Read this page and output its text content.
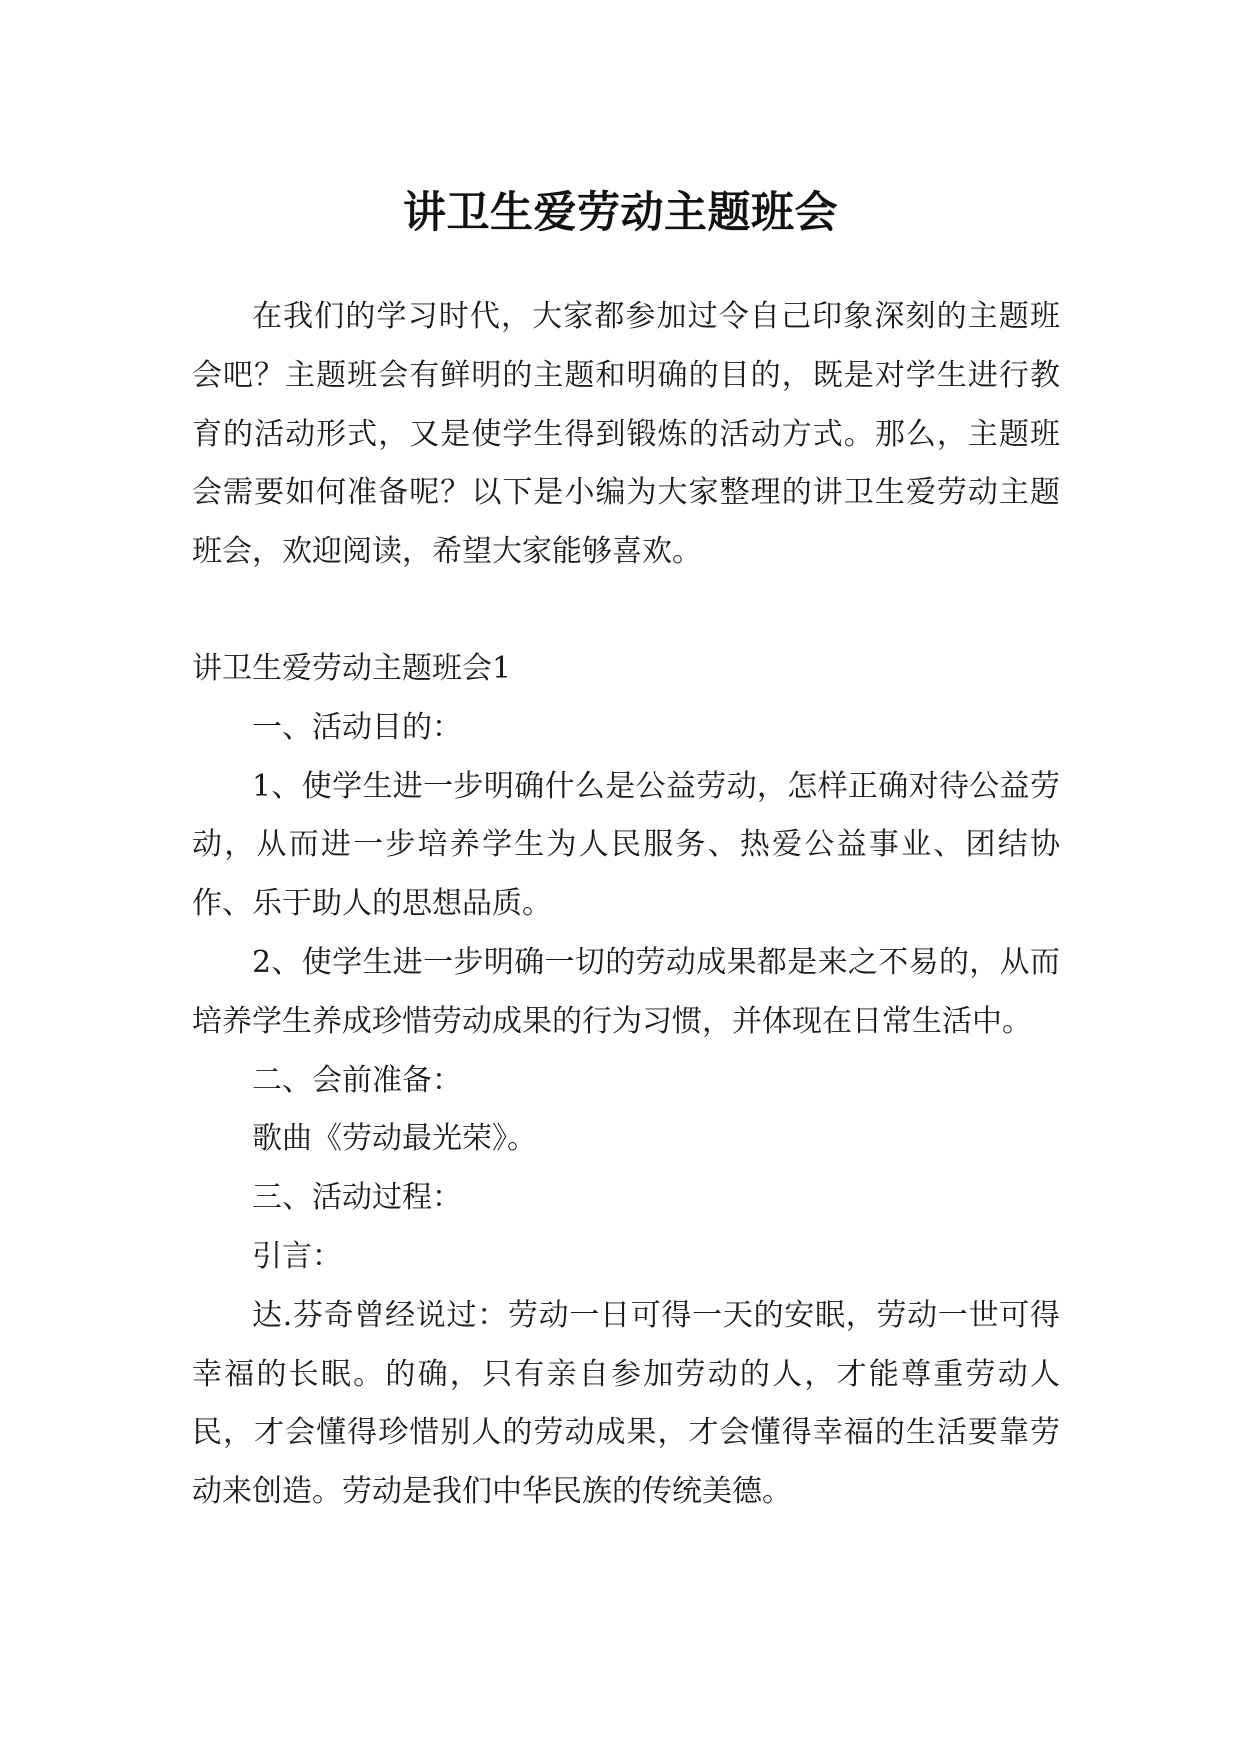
讲卫生爱劳动主题班会

在我们的学习时代，大家都参加过令自己印象深刻的主题班会吧？主题班会有鲜明的主题和明确的目的，既是对学生进行教育的活动形式，又是使学生得到锻炼的活动方式。那么，主题班会需要如何准备呢？以下是小编为大家整理的讲卫生爱劳动主题班会，欢迎阅读，希望大家能够喜欢。

讲卫生爱劳动主题班会1

一、活动目的：

1、使学生进一步明确什么是公益劳动，怎样正确对待公益劳动，从而进一步培养学生为人民服务、热爱公益事业、团结协作、乐于助人的思想品质。

2、使学生进一步明确一切的劳动成果都是来之不易的，从而培养学生养成珍惜劳动成果的行为习惯，并体现在日常生活中。

二、会前准备：

歌曲《劳动最光荣》。

三、活动过程：

引言：

达.芬奇曾经说过：劳动一日可得一天的安眠，劳动一世可得幸福的长眠。的确，只有亲自参加劳动的人，才能尊重劳动人民，才会懂得珍惜别人的劳动成果，才会懂得幸福的生活要靠劳动来创造。劳动是我们中华民族的传统美德。
